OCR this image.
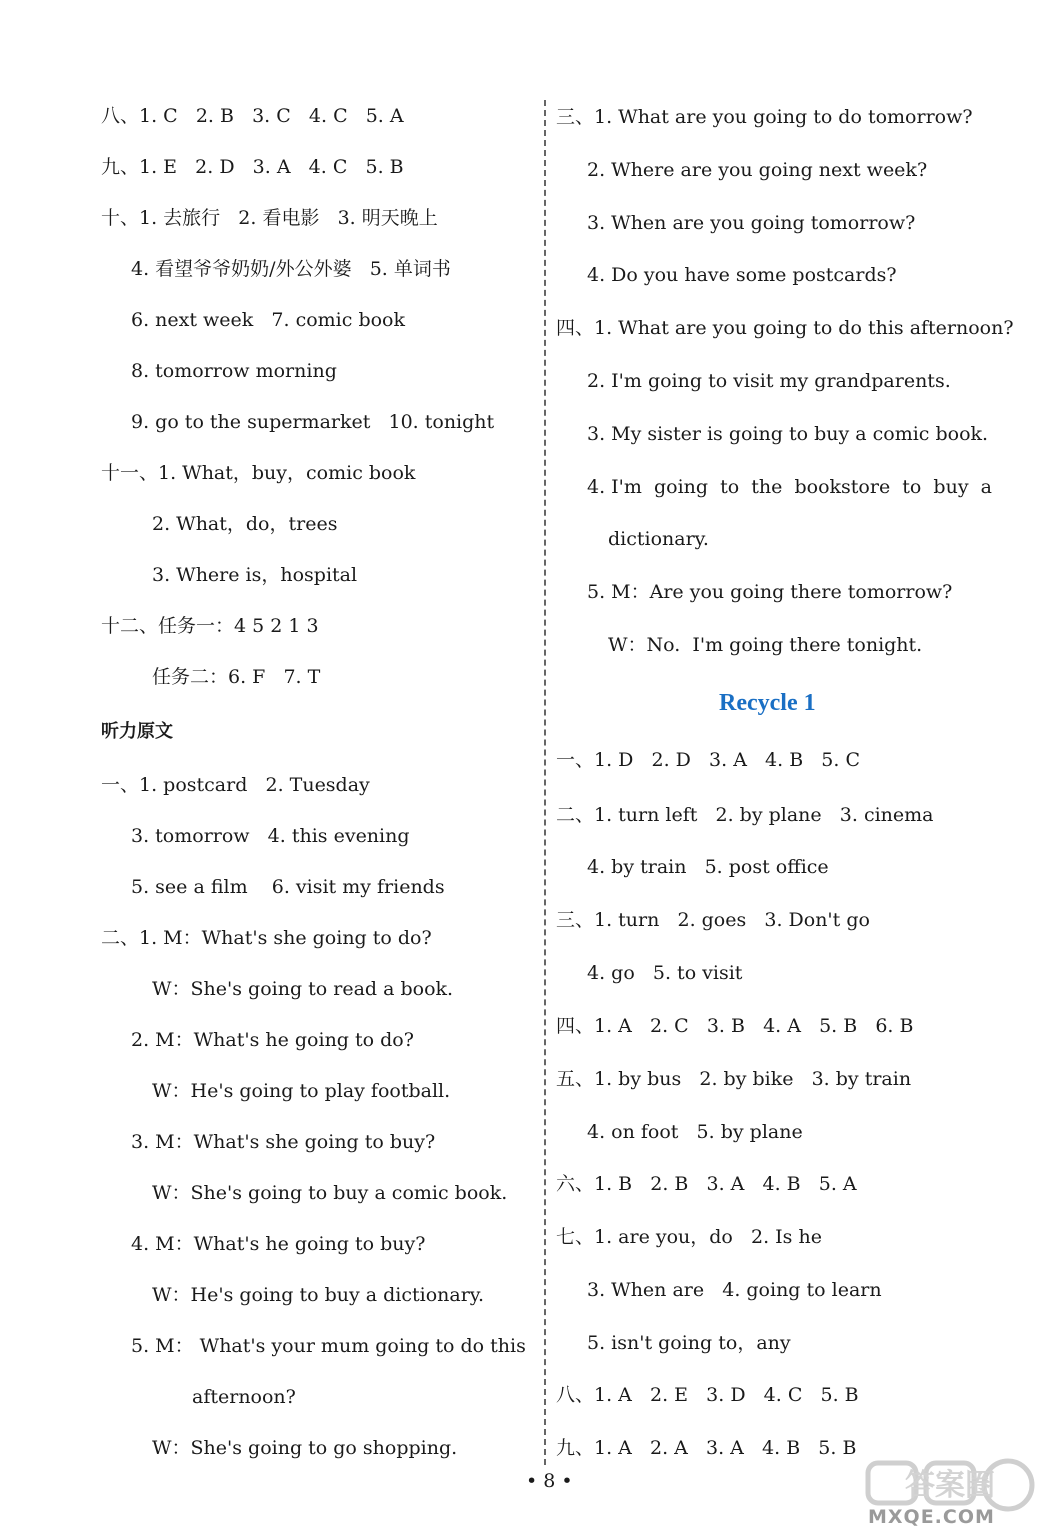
八、1. C   2. B   3. C   4. C   5. A
九、1. E   2. D   3. A   4. C   5. B
十、1. 去旅行   2. 看电影   3. 明天晚上
4. 看望爷爷奶奶/外公外婆   5. 单词书
6. next week   7. comic book
8. tomorrow morning
9. go to the supermarket   10. tonight
十一、1. What，buy，comic book
2. What，do，trees
3. Where is，hospital
十二、任务一：4 5 2 1 3
任务二：6. F   7. T
一、1. postcard   2. Tuesday
3. tomorrow   4. this evening
5. see a film    6. visit my friends
二、1. M：What's she going to do?
W：She's going to read a book.
2. M：What's he going to do?
W：He's going to play football.
3. M：What's she going to buy?
W：She's going to buy a comic book.
4. M：What's he going to buy?
W：He's going to buy a dictionary.
5. M： What's your mum going to do this
afternoon?
W：She's going to go shopping.
听力原文
三、1. What are you going to do tomorrow?
2. Where are you going next week?
3. When are you going tomorrow?
4. Do you have some postcards?
四、1. What are you going to do this afternoon?
2. I'm going to visit my grandparents.
3. My sister is going to buy a comic book.
4. I'm  going  to  the  bookstore  to  buy  a
dictionary.
5. M：Are you going there tomorrow?
W：No.  I'm going there tonight.
一、1. D   2. D   3. A   4. B   5. C
二、1. turn left   2. by plane   3. cinema
4. by train   5. post office
三、1. turn   2. goes   3. Don't go
4. go   5. to visit
四、1. A   2. C   3. B   4. A   5. B   6. B
五、1. by bus   2. by bike   3. by train
4. on foot   5. by plane
六、1. B   2. B   3. A   4. B   5. A
七、1. are you，do   2. Is he
3. When are   4. going to learn
5. isn't going to，any
八、1. A   2. E   3. D   4. C   5. B
九、1. A   2. A   3. A   4. B   5. B
Recycle 1
• 8 •	答案圈
MXQE.COM
